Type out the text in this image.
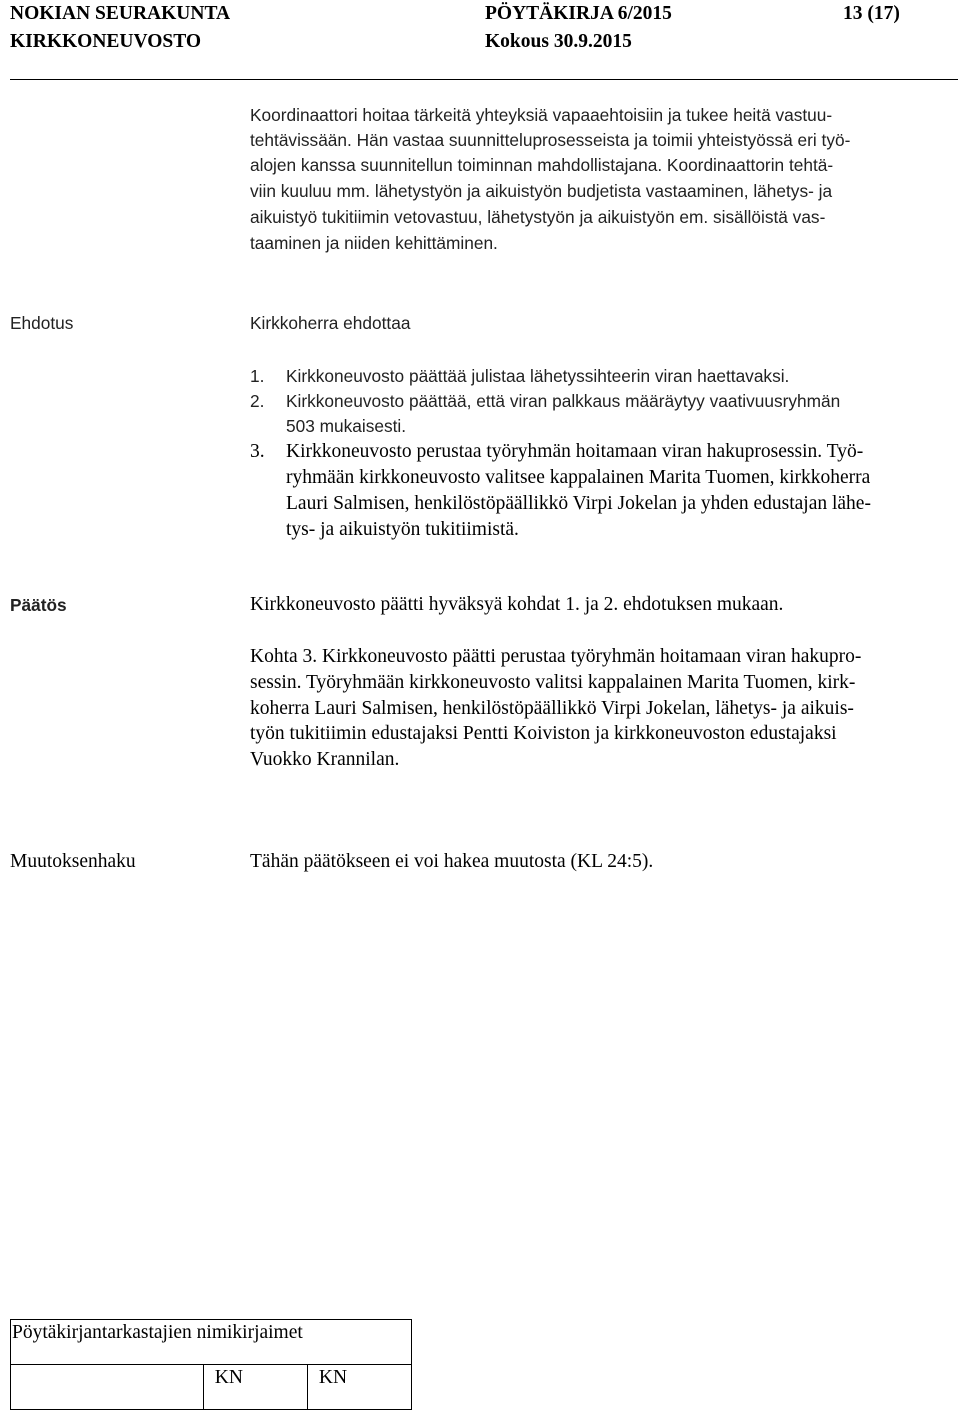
NOKIAN SEURAKUNTA
KIRKKONEUVOSTO
PÖYTÄKIRJA 6/2015
Kokous 30.9.2015
13 (17)
Koordinaattori hoitaa tärkeitä yhteyksiä vapaaehtoisiin ja tukee heitä vastuu-
tehtävissään. Hän vastaa suunnitteluprosesseista ja toimii yhteistyössä eri työ-
alojen kanssa suunnitellun toiminnan mahdollistajana. Koordinaattorin tehtä-
viin kuuluu mm. lähetystyön ja aikuistyön budjetista vastaaminen, lähetys- ja
aikuistyö tukitiimin vetovastuu, lähetystyön ja aikuistyön em. sisällöistä vas-
taaminen ja niiden kehittäminen.
Ehdotus	Kirkkoherra ehdottaa
1. Kirkkoneuvosto päättää julistaa lähetyssihteerin viran haettavaksi.
2. Kirkkoneuvosto päättää, että viran palkkaus määräytyy vaativuusryhmän
503 mukaisesti.
3. Kirkkoneuvosto perustaa työryhmän hoitamaan viran hakuprosessin. Työ-
ryhmään kirkkoneuvosto valitsee kappalainen Marita Tuomen, kirkkoherra
Lauri Salmisen, henkilöstöpäällikkö Virpi Jokelan ja yhden edustajan lähe-
tys- ja aikuistyön tukitiimistä.
Päätös	Kirkkoneuvosto päätti hyväksyä kohdat 1. ja 2. ehdotuksen mukaan.
Kohta 3. Kirkkoneuvosto päätti perustaa työryhmän hoitamaan viran hakupro-
sessin. Työryhmään kirkkoneuvosto valitsi kappalainen Marita Tuomen, kirk-
koherra Lauri Salmisen, henkilöstöpäällikkö Virpi Jokelan, lähetys- ja aikuis-
työn tukitiimin edustajaksi Pentti Koiviston ja kirkkoneuvoston edustajaksi
Vuokko Krannilan.
Muutoksenhaku	Tähän päätökseen ei voi hakea muutosta (KL 24:5).
Pöytäkirjantarkastajien nimikirjaimet
	KN	KN
